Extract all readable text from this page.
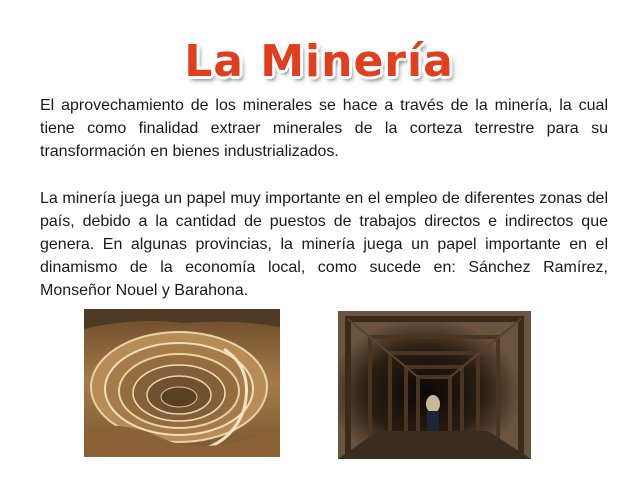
La Minería
El aprovechamiento de los minerales se hace a través de la minería, la cual tiene como finalidad extraer minerales de la corteza terrestre para su transformación en bienes industrializados.
La minería juega un papel muy importante en el empleo de diferentes zonas del país, debido a la cantidad de puestos de trabajos directos e indirectos que genera. En algunas provincias, la minería juega un papel importante en el dinamismo de la economía local, como sucede en: Sánchez Ramírez, Monseñor Nouel y Barahona.
